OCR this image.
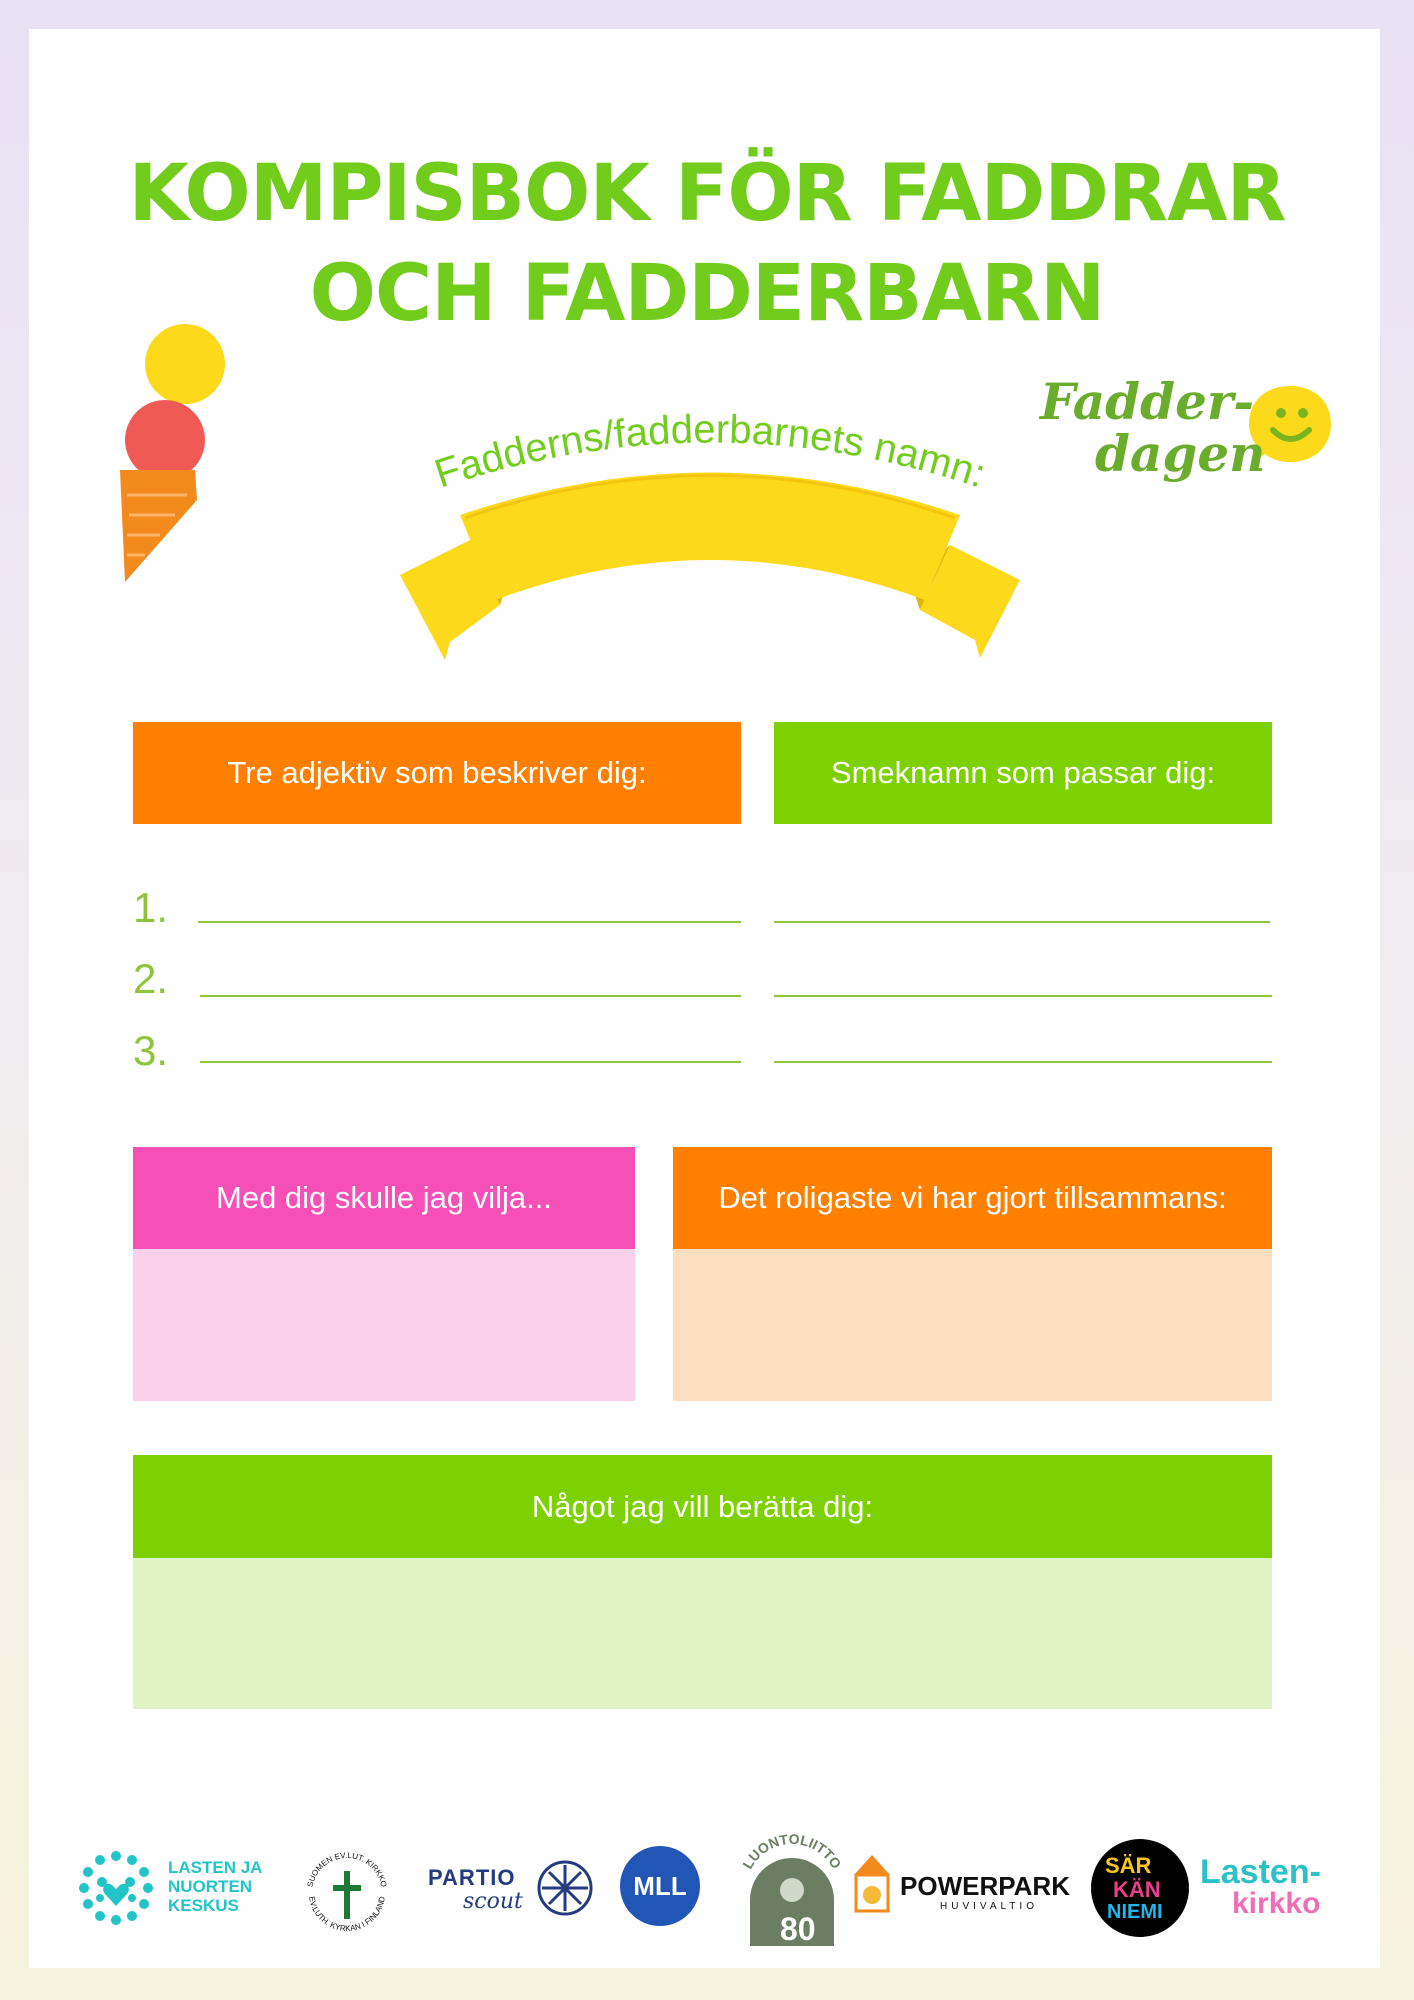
KOMPISBOK FÖR FADDRAR
OCH FADDERBARN
Fadder-
dagen
Fadderns/fadderbarnets namn:
Tre adjektiv som beskriver dig:	Smeknamn som passar dig:
1.
2.
3.
Med dig skulle jag vilja...	Det roligaste vi har gjort tillsammans:
Något jag vill berätta dig:
LASTEN JA
NUORTEN
KESKUS
SUOMEN EV.LUT. KIRKKO
EV.LUTH. KYRKAN I FINLAND
PARTIO
scout
MLL
LUONTOLIITTO
80
POWERPARK
HUVIVALTIO
SÄR
KÄN
NIEMI
Lasten-
kirkko
